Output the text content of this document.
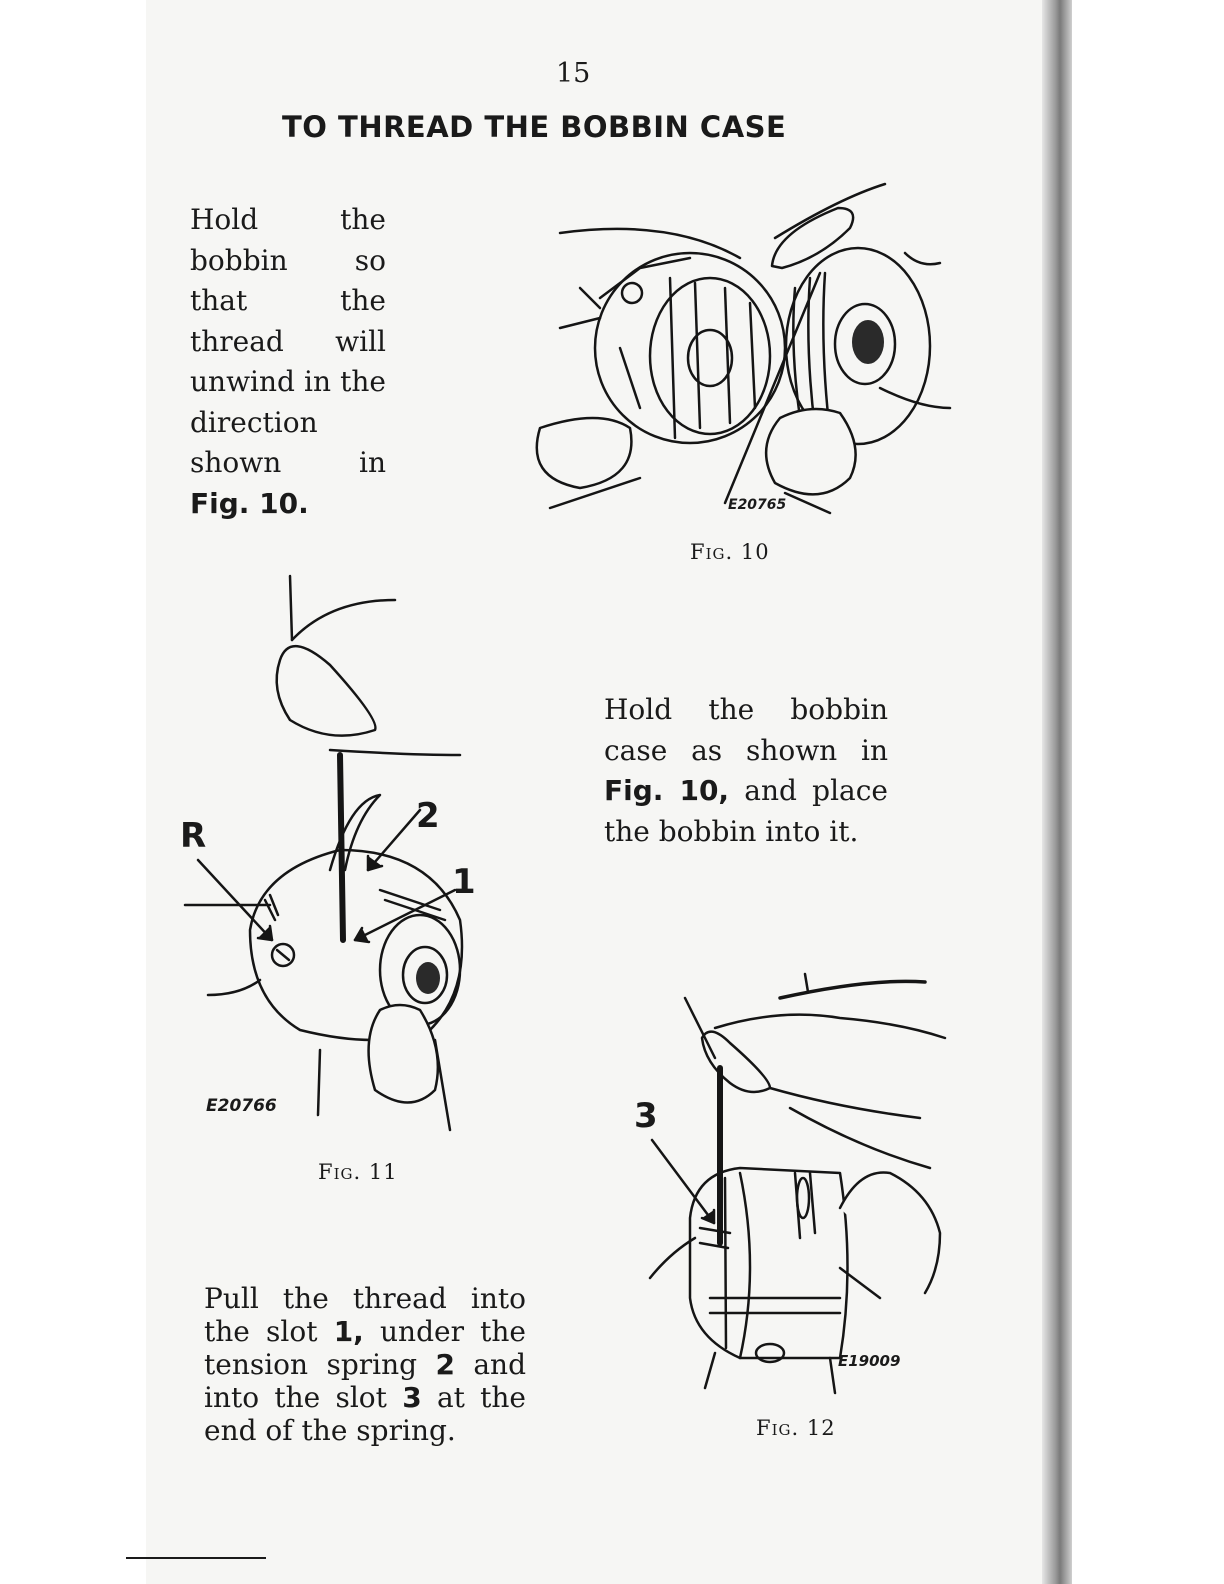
15
TO THREAD THE BOBBIN CASE
Hold the bobbin so that the thread will unwind in the direction shown in
Fig. 10.
Hold the bobbin case as shown in Fig. 10, and place the bobbin into it.
Pull the thread into the slot 1, under the tension spring 2 and into the slot 3 at the end of the spring.
E20765
Fig. 10
R	2
1
E20766
Fig. 11
3
E19009
Fig. 12
